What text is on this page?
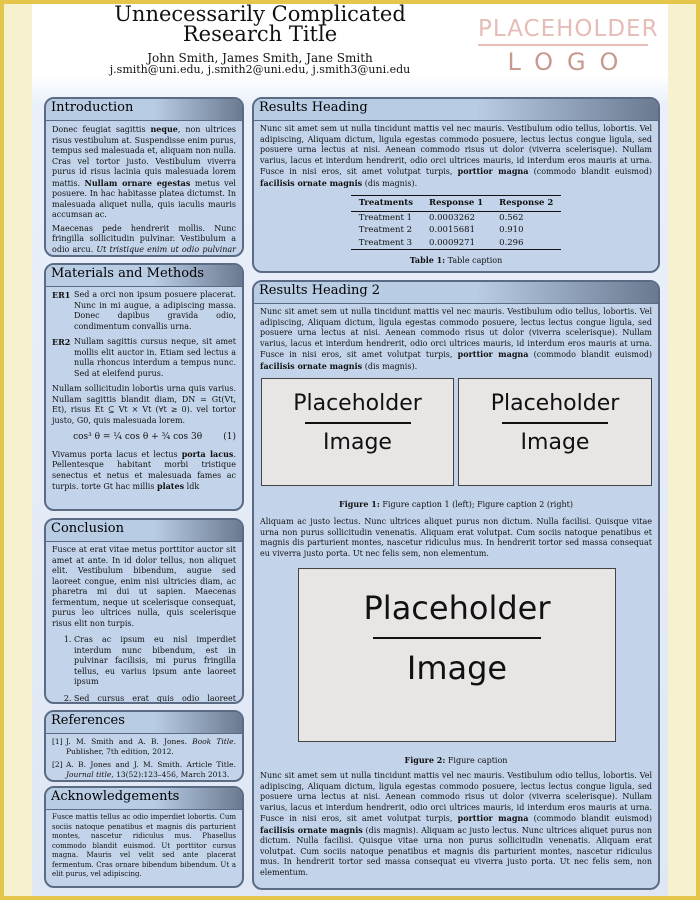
Unnecessarily Complicated
Research Title
John Smith, James Smith, Jane Smith
j.smith@uni.edu, j.smith2@uni.edu, j.smith3@uni.edu
PLACEHOLDER
LOGO
Introduction

Donec feugiat sagittis neque, non ultrices risus vestibulum at. Suspendisse enim purus, tempus sed malesuada et, aliquam non nulla. Cras vel tortor justo. Vestibulum viverra purus id risus lacinia quis malesuada lorem mattis. Nullam ornare egestas metus vel posuere. In hac habitasse platea dictumst. In malesuada aliquet nulla, quis iaculis mauris accumsan ac.

Maecenas pede hendrerit mollis. Nunc fringilla sollicitudin pulvinar. Vestibulum a odio arcu. Ut tristique enim ut odio pulvinar

Materials and Methods
ER1 Sed a orci non ipsum posuere placerat. Nunc in mi augue, a adipiscing massa. Donec dapibus gravida odio, condimentum convallis urna.
ER2 Nullam sagittis cursus neque, sit amet mollis elit auctor in. Etiam sed lectus a nulla rhoncus interdum a tempus nunc. Sed at eleifend purus.

Nullam sollicitudin lobortis urna quis varius. Nullam sagittis blandit diam, DN = Gt(Vt, Et), risus Et ⊆ Vt × Vt (∀t ≥ 0). vel tortor justo, G0, quis malesuada lorem.

cos³ θ = ¼ cos θ + ¾ cos 3θ	(1)

Vivamus porta lacus et lectus porta lacus. Pellentesque habitant morbi tristique senectus et netus et malesuada fames ac turpis. torte Gt hac millis plates ldk

Conclusion

Fusce at erat vitae metus porttitor auctor sit amet at ante. In id dolor tellus, non aliquet elit. Vestibulum bibendum, augue sed laoreet congue, enim nisi ultricies diam, ac pharetra mi dui ut sapien. Maecenas fermentum, neque ut scelerisque consequat, purus leo ultrices nulla, quis scelerisque risus elit non turpis.

1. Cras ac ipsum eu nisl imperdiet interdum nunc bibendum, est in pulvinar facilisis, mi purus fringilla tellus, eu varius ipsum ante laoreet ipsum
2. Sed cursus erat quis odio laoreet
References
[1] J. M. Smith and A. B. Jones. Book Title. Publisher, 7th edition, 2012.
[2] A. B. Jones and J. M. Smith. Article Title. Journal title, 13(52):123–456, March 2013.
Acknowledgements

Fusce mattis tellus ac odio imperdiet lobortis. Cum sociis natoque penatibus et magnis dis parturient montes, nascetur ridiculus mus. Phasellus commodo blandit euismod. Ut porttitor cursus magna. Mauris vel velit sed ante placerat fermentum. Cras ornare bibendum bibendum. Ut a elit purus, vel adipiscing.

Results Heading

Nunc sit amet sem ut nulla tincidunt mattis vel nec mauris. Vestibulum odio tellus, lobortis. Vel adipiscing, Aliquam dictum, ligula egestas commodo posuere, lectus lectus congue ligula, sed posuere urna lectus at nisi. Aenean commodo risus ut dolor (viverra scelerisque). Nullam varius, lacus et interdum hendrerit, odio orci ultrices mauris, id interdum eros mauris at urna. Fusce in nisi eros, sit amet volutpat turpis, porttior magna (commodo blandit euismod) facilisis ornate magnis (dis magnis).

Treatments	Response 1	Response 2
Treatment 1	0.0003262	0.562
Treatment 2	0.0015681	0.910
Treatment 3	0.0009271	0.296
Table 1: Table caption
Results Heading 2

Nunc sit amet sem ut nulla tincidunt mattis vel nec mauris. Vestibulum odio tellus, lobortis. Vel adipiscing, Aliquam dictum, ligula egestas commodo posuere, lectus lectus congue ligula, sed posuere urna lectus at nisi. Aenean commodo risus ut dolor (viverra scelerisque). Nullam varius, lacus et interdum hendrerit, odio orci ultrices mauris, id interdum eros mauris at urna. Fusce in nisi eros, sit amet volutpat turpis, porttior magna (commodo blandit euismod) facilisis ornate magnis (dis magnis).

Placeholder
Image
Placeholder
Image
Figure 1: Figure caption 1 (left); Figure caption 2 (right)

Aliquam ac justo lectus. Nunc ultrices aliquet purus non dictum. Nulla facilisi. Quisque vitae urna non purus sollicitudin venenatis. Aliquam erat volutpat. Cum sociis natoque penatibus et magnis dis parturient montes, nascetur ridiculus mus. In hendrerit tortor sed massa consequat eu viverra justo porta. Ut nec felis sem, non elementum.

Placeholder
Image
Figure 2: Figure caption

Nunc sit amet sem ut nulla tincidunt mattis vel nec mauris. Vestibulum odio tellus, lobortis. Vel adipiscing, Aliquam dictum, ligula egestas commodo posuere, lectus lectus congue ligula, sed posuere urna lectus at nisi. Aenean commodo risus ut dolor (viverra scelerisque). Nullam varius, lacus et interdum hendrerit, odio orci ultrices mauris, id interdum eros mauris at urna. Fusce in nisi eros, sit amet volutpat turpis, porttior magna (commodo blandit euismod) facilisis ornate magnis (dis magnis). Aliquam ac justo lectus. Nunc ultrices aliquet purus non dictum. Nulla facilisi. Quisque vitae urna non purus sollicitudin venenatis. Aliquam erat volutpat. Cum sociis natoque penatibus et magnis dis parturient montes, nascetur ridiculus mus. In hendrerit tortor sed massa consequat eu viverra justo porta. Ut nec felis sem, non elementum.
